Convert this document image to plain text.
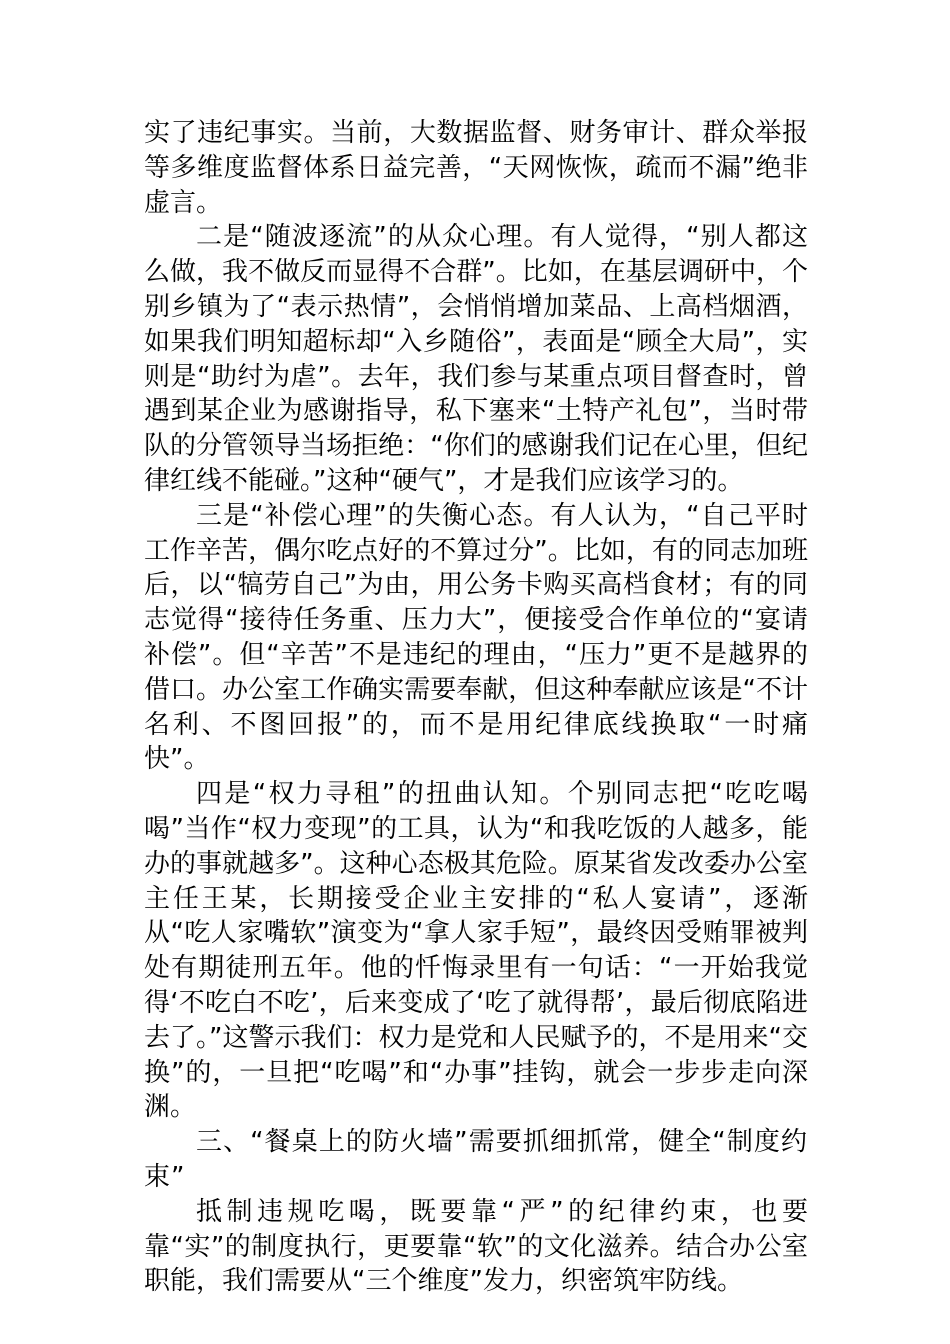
实了违纪事实。当前，大数据监督、财务审计、群众举报等多维度监督体系日益完善，“天网恢恢，疏而不漏”绝非虚言。

二是“随波逐流”的从众心理。有人觉得，“别人都这么做，我不做反而显得不合群”。比如，在基层调研中，个别乡镇为了“表示热情”，会悄悄增加菜品、上高档烟酒，如果我们明知超标却“入乡随俗”，表面是“顾全大局”，实则是“助纣为虐”。去年，我们参与某重点项目督查时，曾遇到某企业为感谢指导，私下塞来“土特产礼包”，当时带队的分管领导当场拒绝：“你们的感谢我们记在心里，但纪律红线不能碰。”这种“硬气”，才是我们应该学习的。

三是“补偿心理”的失衡心态。有人认为，“自己平时工作辛苦，偶尔吃点好的不算过分”。比如，有的同志加班后，以“犒劳自己”为由，用公务卡购买高档食材；有的同志觉得“接待任务重、压力大”，便接受合作单位的“宴请补偿”。但“辛苦”不是违纪的理由，“压力”更不是越界的借口。办公室工作确实需要奉献，但这种奉献应该是“不计名利、不图回报”的，而不是用纪律底线换取“一时痛快”。

四是“权力寻租”的扭曲认知。个别同志把“吃吃喝喝”当作“权力变现”的工具，认为“和我吃饭的人越多，能办的事就越多”。这种心态极其危险。原某省发改委办公室主任王某，长期接受企业主安排的“私人宴请”，逐渐从“吃人家嘴软”演变为“拿人家手短”，最终因受贿罪被判处有期徒刑五年。他的忏悔录里有一句话：“一开始我觉得‘不吃白不吃’，后来变成了‘吃了就得帮’，最后彻底陷进去了。”这警示我们：权力是党和人民赋予的，不是用来“交换”的，一旦把“吃喝”和“办事”挂钩，就会一步步走向深渊。

三、“餐桌上的防火墙”需要抓细抓常，健全“制度约束”

抵制违规吃喝，既要靠“严”的纪律约束，也要靠“实”的制度执行，更要靠“软”的文化滋养。结合办公室职能，我们需要从“三个维度”发力，织密筑牢防线。
